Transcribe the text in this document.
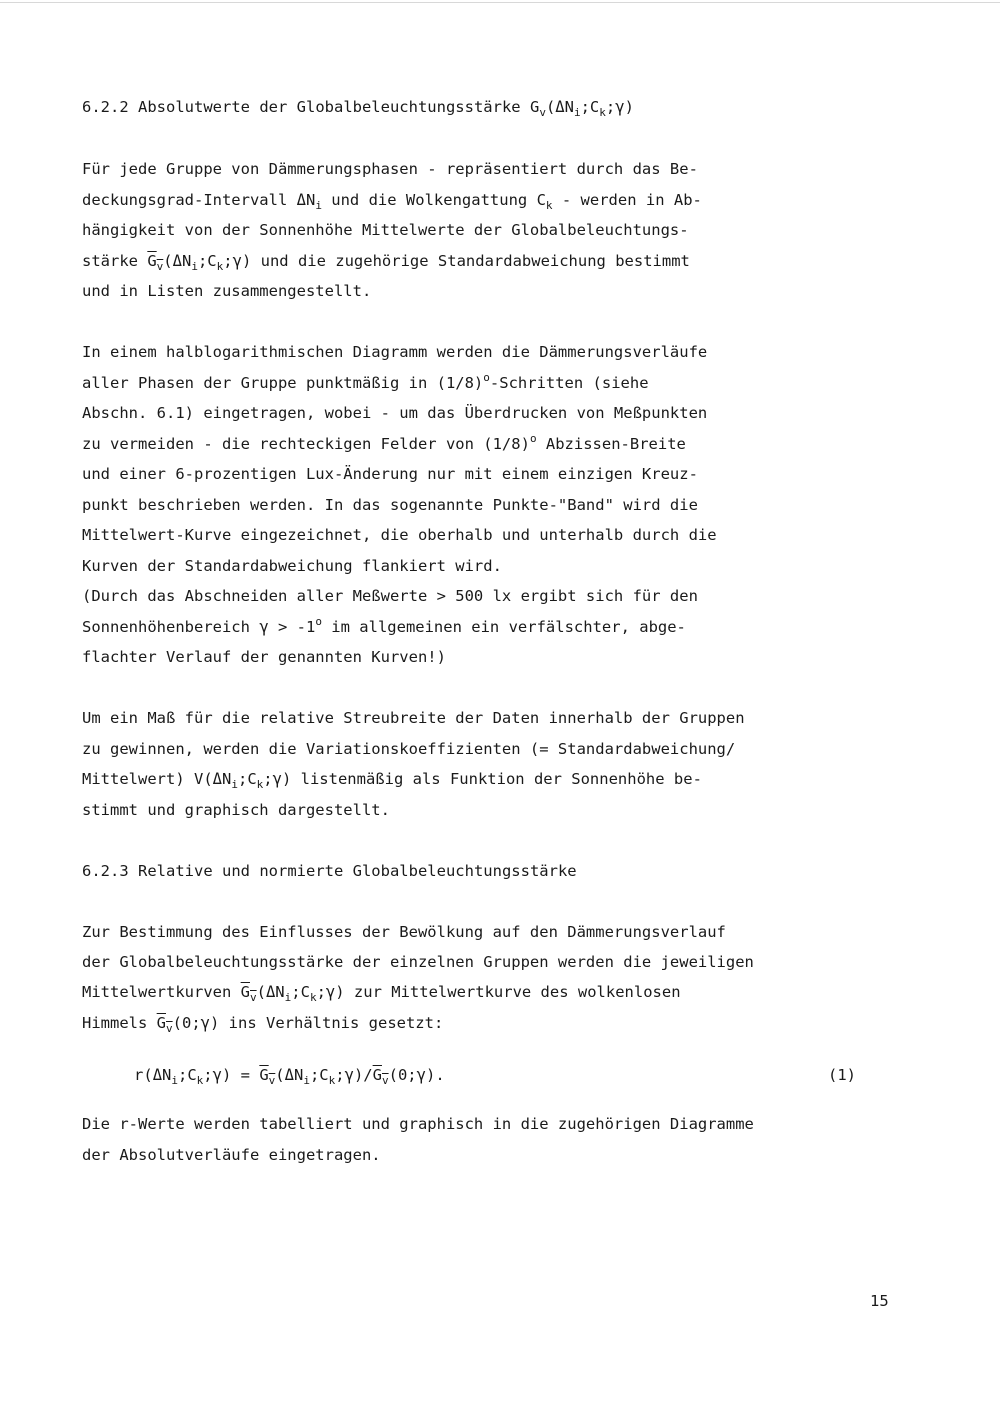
6.2.2 Absolutwerte der Globalbeleuchtungsstärke $G_v(\Delta N_i;C_k;\gamma)$
Für jede Gruppe von Dämmerungsphasen - repräsentiert durch das Be-
deckungsgrad-Intervall $\Delta N_i$ und die Wolkengattung $C_k$ - werden in Ab-
hängigkeit von der Sonnenhöhe Mittelwerte der Globalbeleuchtungs-
stärke $G_v(\Delta N_i;C_k;\gamma)$ und die zugehörige Standardabweichung bestimmt
und in Listen zusammengestellt.
In einem halblogarithmischen Diagramm werden die Dämmerungsverläufe
aller Phasen der Gruppe punktmäßig in $(1/8)^o$-Schritten (siehe
Abschn. 6.1) eingetragen, wobei - um das Überdrucken von Meßpunkten
zu vermeiden - die rechteckigen Felder von $(1/8)^o$ Abzissen-Breite
und einer 6-prozentigen Lux-Änderung nur mit einem einzigen Kreuz-
punkt beschrieben werden. In das sogenannte Punkte-"Band" wird die
Mittelwert-Kurve eingezeichnet, die oberhalb und unterhalb durch die
Kurven der Standardabweichung flankiert wird.
(Durch das Abschneiden aller Meßwerte > 500 lx ergibt sich für den
Sonnenhöhenbereich $\gamma > -1^o$ im allgemeinen ein verfälschter, abge-
flachter Verlauf der genannten Kurven!)
Um ein Maß für die relative Streubreite der Daten innerhalb der Gruppen
zu gewinnen, werden die Variationskoeffizienten (= Standardabweichung/
Mittelwert) $V(\Delta N_i;C_k;\gamma)$ listenmäßig als Funktion der Sonnenhöhe be-
stimmt und graphisch dargestellt.
6.2.3 Relative und normierte Globalbeleuchtungsstärke
Zur Bestimmung des Einflusses der Bewölkung auf den Dämmerungsverlauf
der Globalbeleuchtungsstärke der einzelnen Gruppen werden die jeweiligen
Mittelwertkurven $G_v(\Delta N_i;C_k;\gamma)$ zur Mittelwertkurve des wolkenlosen
Himmels $G_v(0;\gamma)$ ins Verhältnis gesetzt:
$r(\Delta N_i;C_k;\gamma)$ = $G_v(\Delta N_i;C_k;\gamma)/G_v(0;\gamma)$.	(1)
Die r-Werte werden tabelliert und graphisch in die zugehörigen Diagramme
der Absolutverläufe eingetragen.
15
